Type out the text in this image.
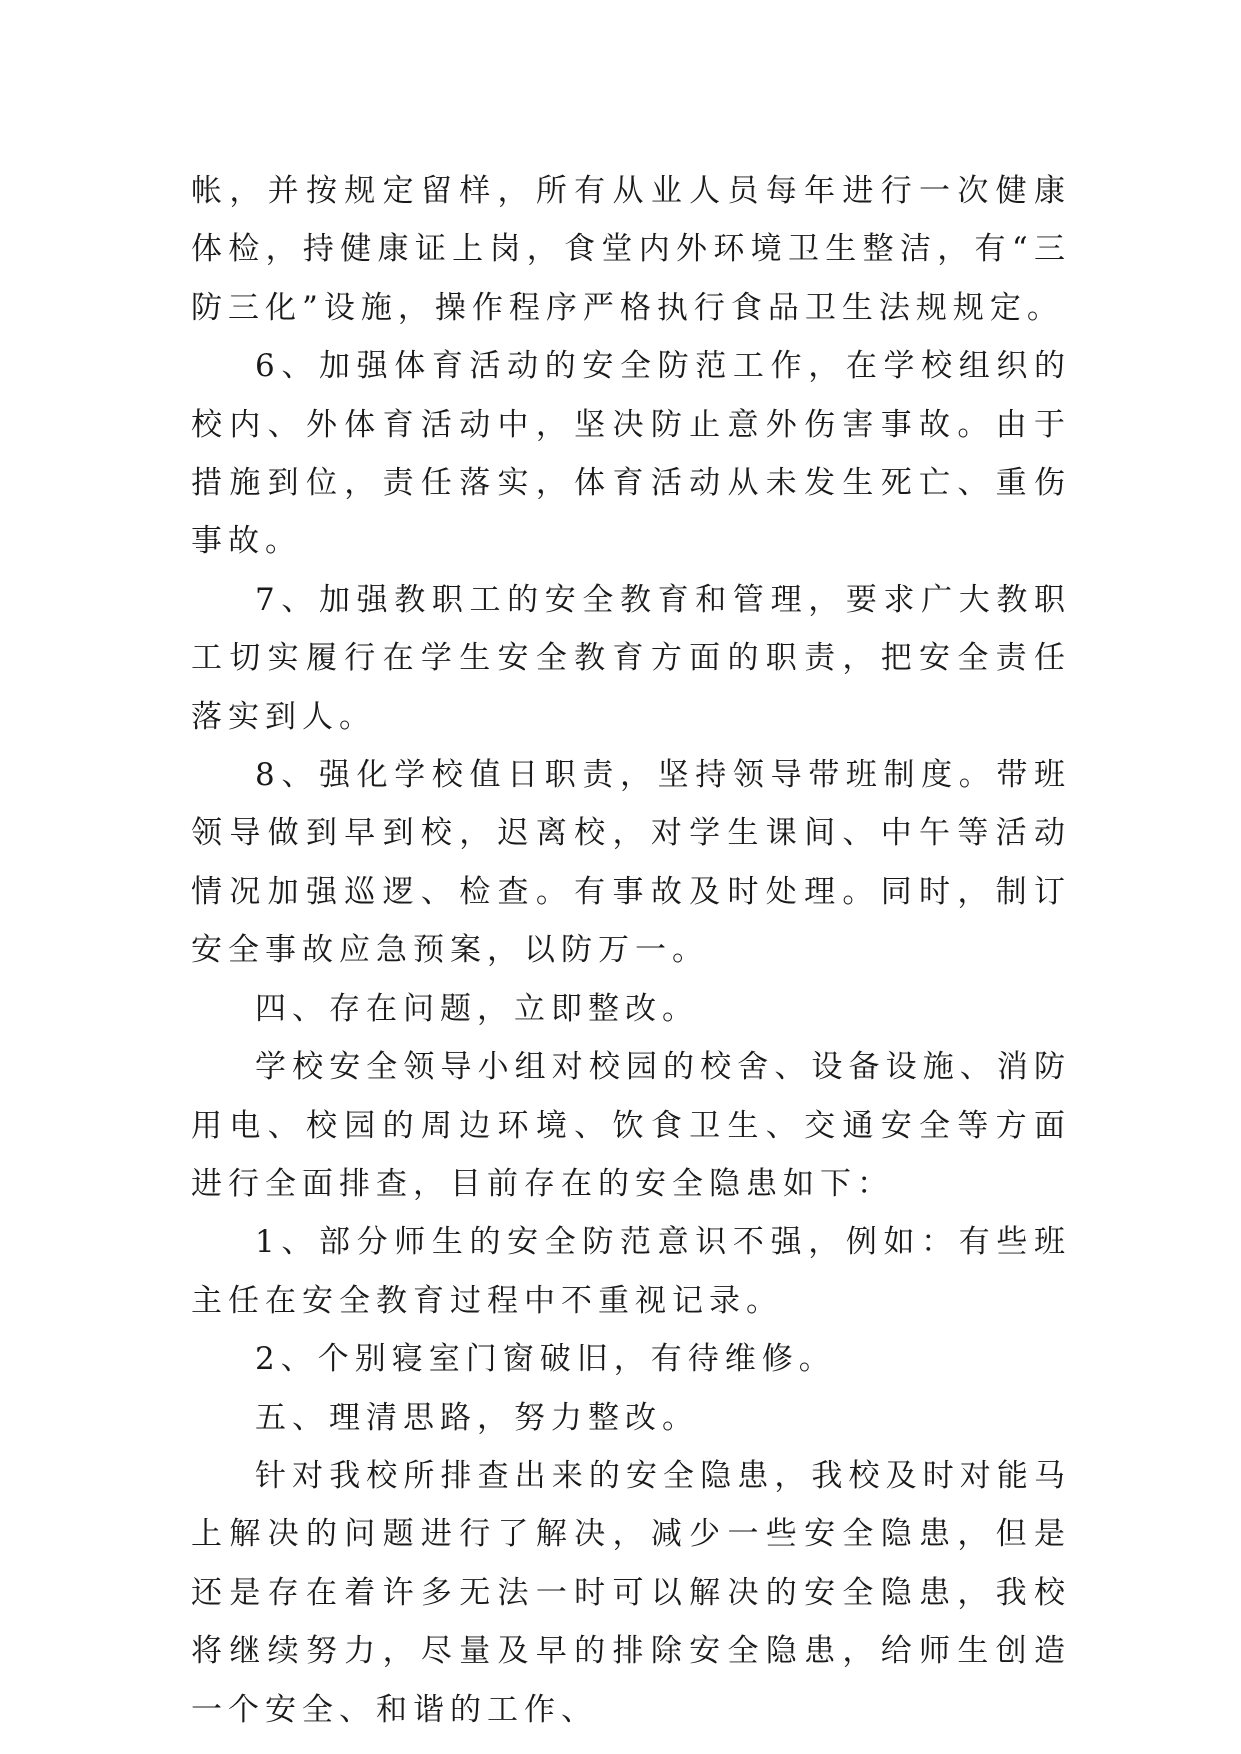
帐，并按规定留样，所有从业人员每年进行一次健康体检，持健康证上岗，食堂内外环境卫生整洁，有“三防三化”设施，操作程序严格执行食品卫生法规规定。

6、加强体育活动的安全防范工作，在学校组织的校内、外体育活动中，坚决防止意外伤害事故。由于措施到位，责任落实，体育活动从未发生死亡、重伤事故。

7、加强教职工的安全教育和管理，要求广大教职工切实履行在学生安全教育方面的职责，把安全责任落实到人。

8、强化学校值日职责，坚持领导带班制度。带班领导做到早到校，迟离校，对学生课间、中午等活动情况加强巡逻、检查。有事故及时处理。同时，制订安全事故应急预案，以防万一。

四、存在问题，立即整改。

学校安全领导小组对校园的校舍、设备设施、消防用电、校园的周边环境、饮食卫生、交通安全等方面进行全面排查，目前存在的安全隐患如下：

1、部分师生的安全防范意识不强，例如：有些班主任在安全教育过程中不重视记录。

2、个别寝室门窗破旧，有待维修。

五、理清思路，努力整改。

针对我校所排查出来的安全隐患，我校及时对能马上解决的问题进行了解决，减少一些安全隐患，但是还是存在着许多无法一时可以解决的安全隐患，我校将继续努力，尽量及早的排除安全隐患，给师生创造一个安全、和谐的工作、
